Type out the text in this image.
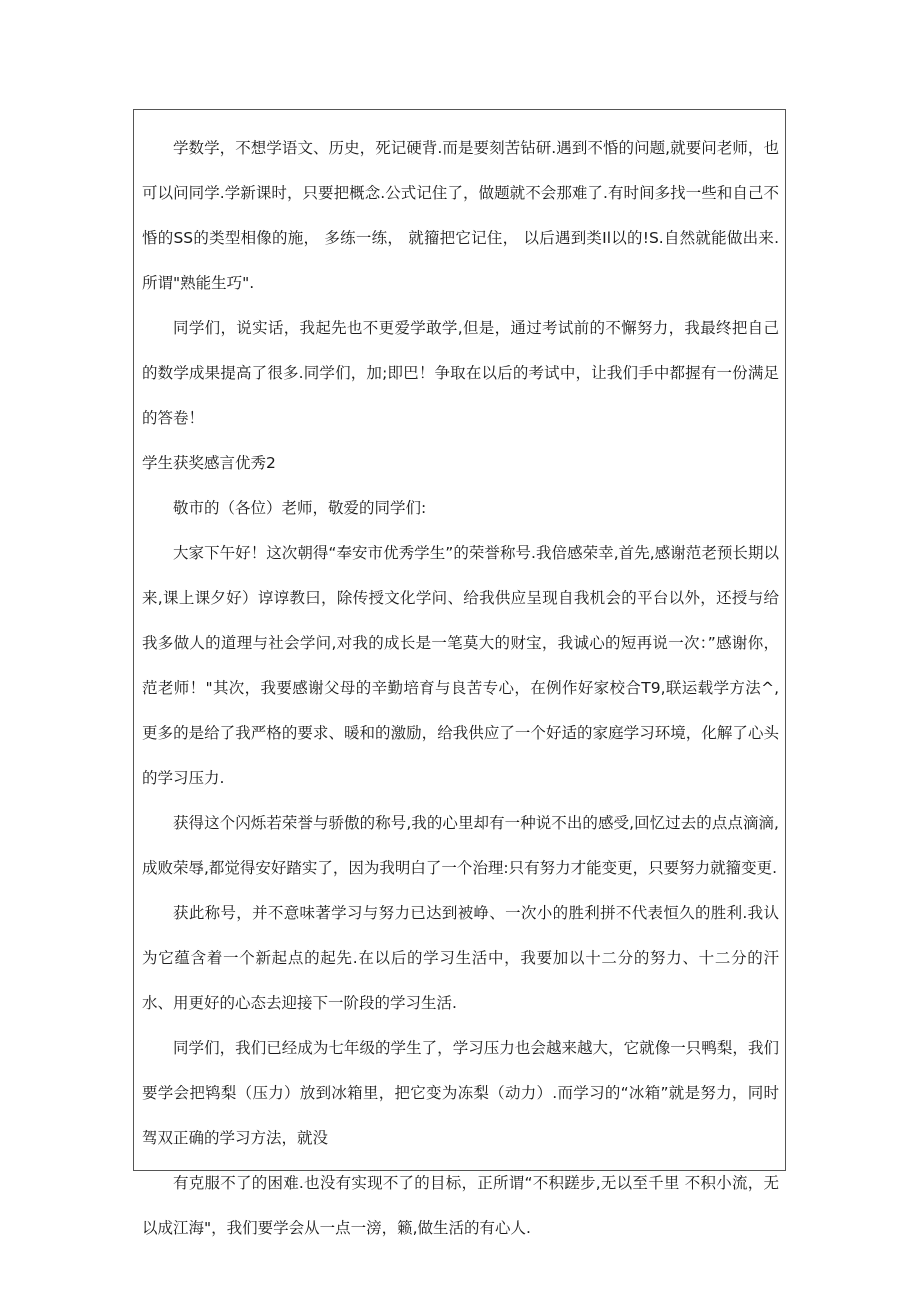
学数学，不想学语文、历史，死记硬背.而是要刻苦钻研.遇到不惛的问题,就要问老师，也可以问同学.学新课时，只要把概念.公式记住了，做题就不会那难了.有时间多找一些和自己不惛的SS的类型相像的施， 多练一练， 就籀把它记住， 以后遇到类Il以的!S.自然就能做出来.所谓"熟能生巧".

同学们，说实话，我起先也不更爱学敢学,但是，通过考试前的不懈努力，我最终把自己的数学成果提高了很多.同学们，加;即巴！争取在以后的考试中，让我们手中都握有一份满足的答卷！

学生获奖感言优秀2

敬市的（各位）老师，敬爱的同学们:

大家下午好！这次朝得“奉安市优秀学生”的荣誉称号.我倍感荣幸,首先,感谢范老预长期以来,课上课夕好）谆谆教曰，除传授文化学问、给我供应呈现自我机会的平台以外，还授与给我多做人的道理与社会学问,对我的成长是一笔莫大的财宝，我诚心的短再说一次：”感谢你， 范老师！"其次，我要感谢父母的辛勤培育与良苦专心，在例作好家校合T9,联运载学方法^,更多的是给了我严格的要求、暖和的激励，给我供应了一个好适的家庭学习环境，化解了心头的学习压力.

获得这个闪烁若荣誉与骄傲的称号,我的心里却有一种说不出的感受,回忆过去的点点滴滴,成败荣辱,都觉得安好踏实了，因为我明白了一个治理:只有努力才能变更，只要努力就籀变更.

获此称号，并不意味著学习与努力已达到被峥、一次小的胜利拼不代表恒久的胜利.我认为它蕴含着一个新起点的起先.在以后的学习生活中，我要加以十二分的努力、十二分的汗水、用更好的心态去迎接下一阶段的学习生活.

同学们，我们已经成为七年级的学生了，学习压力也会越来越大，它就像一只鸭梨，我们要学会把鸨梨（压力）放到冰箱里，把它变为冻梨（动力）.而学习的“冰箱”就是努力，同时驾双正确的学习方法，就没

有克服不了的困难.也没有实现不了的目标，正所谓“不积蹉步,无以至千里 不积小流，无以成江海"，我们要学会从一点一滂，籁,做生活的有心人.
